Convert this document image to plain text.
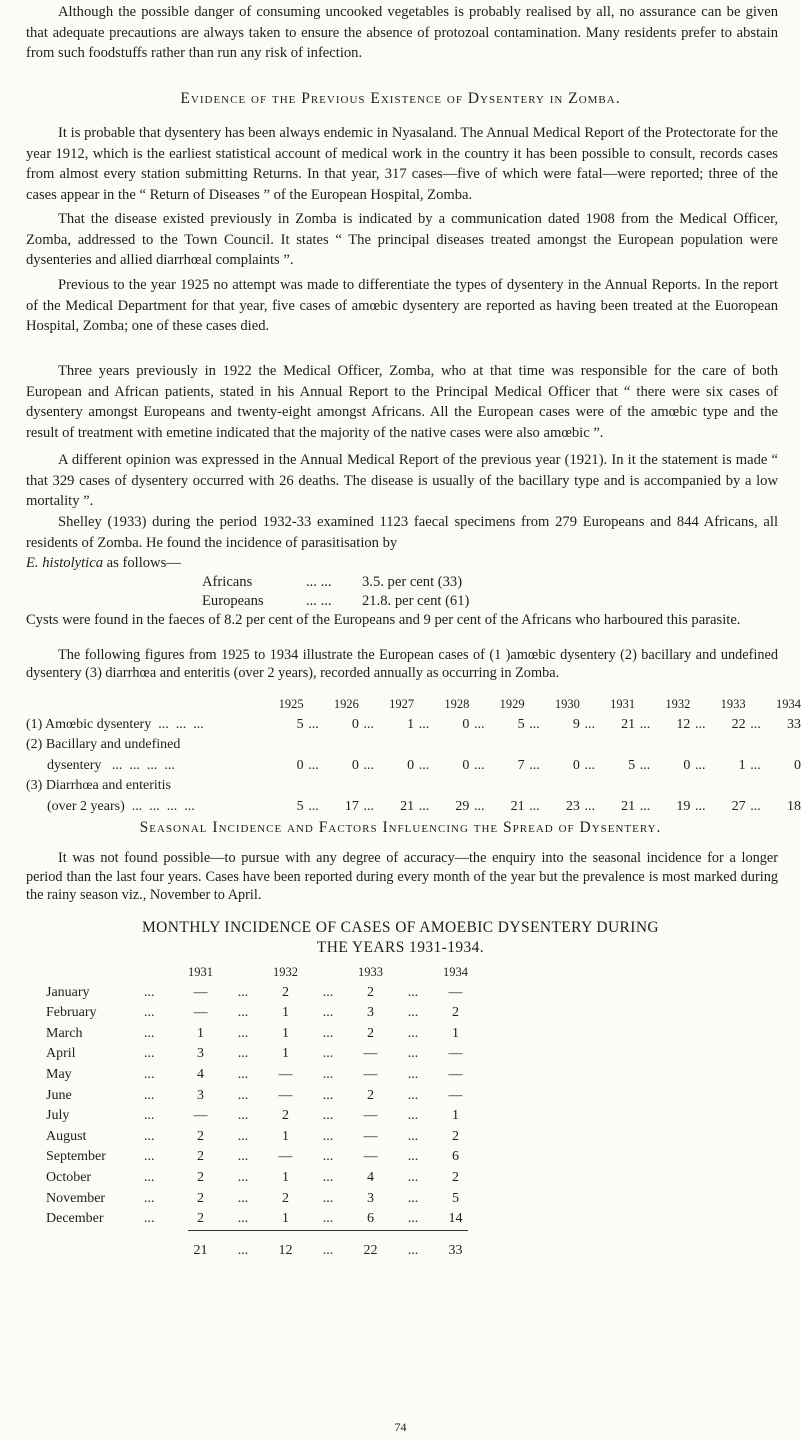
Although the possible danger of consuming uncooked vegetables is probably realised by all, no assurance can be given that adequate precautions are always taken to ensure the absence of protozoal contamination. Many residents prefer to abstain from such foodstuffs rather than run any risk of infection.

Evidence of the Previous Existence of Dysentery in Zomba.

It is probable that dysentery has been always endemic in Nyasaland. The Annual Medical Report of the Protectorate for the year 1912, which is the earliest statistical account of medical work in the country it has been possible to consult, records cases from almost every station submitting Returns. In that year, 317 cases—five of which were fatal—were reported; three of the cases appear in the “ Return of Diseases ” of the European Hospital, Zomba.

That the disease existed previously in Zomba is indicated by a communication dated 1908 from the Medical Officer, Zomba, addressed to the Town Council. It states “ The principal diseases treated amongst the European population were dysenteries and allied diarrhœal complaints ”.

Previous to the year 1925 no attempt was made to differentiate the types of dysentery in the Annual Reports. In the report of the Medical Department for that year, five cases of amœbic dysentery are reported as having been treated at the Euoropean Hospital, Zomba; one of these cases died.

Three years previously in 1922 the Medical Officer, Zomba, who at that time was responsible for the care of both European and African patients, stated in his Annual Report to the Principal Medical Officer that “ there were six cases of dysentery amongst Europeans and twenty-eight amongst Africans. All the European cases were of the amœbic type and the result of treatment with emetine indicated that the majority of the native cases were also amœbic ”.

A different opinion was expressed in the Annual Medical Report of the previous year (1921). In it the statement is made “ that 329 cases of dysentery occurred with 26 deaths. The disease is usually of the bacillary type and is accompanied by a low mortality ”.

Shelley (1933) during the period 1932-33 examined 1123 faecal specimens from 279 Europeans and 844 Africans, all residents of Zomba. He found the incidence of parasitisation by
E. histolytica as follows—

Africans	... ... 3.5. per cent (33)
Europeans	... ... 21.8. per cent (61)

Cysts were found in the faeces of 8.2 per cent of the Europeans and 9 per cent of the Africans who harboured this parasite.

The following figures from 1925 to 1934 illustrate the European cases of (1 )amœbic dysentery (2) bacillary and undefined dysentery (3) diarrhœa and enteritis (over 2 years), recorded annually as occurring in Zomba.

	1925		1926		1927		1928		1929		1930		1931		1932		1933		1934
(1) Amœbic dysentery  ...  ...  ...	5	...	0	...	1	...	0	...	5	...	9	...	21	...	12	...	22	...	33
(2) Bacillary and undefined																			
dysentery   ...  ...  ...  ...	0	...	0	...	0	...	0	...	7	...	0	...	5	...	0	...	1	...	0
(3) Diarrhœa and enteritis																			
(over 2 years)  ...  ...  ...  ...	5	...	17	...	21	...	29	...	21	...	23	...	21	...	19	...	27	...	18

Seasonal Incidence and Factors Influencing the Spread of Dysentery.

It was not found possible—to pursue with any degree of accuracy—the enquiry into the seasonal incidence for a longer period than the last four years. Cases have been reported during every month of the year but the prevalence is most marked during the rainy season viz., November to April.

MONTHLY INCIDENCE OF CASES OF AMOEBIC DYSENTERY DURING
THE YEARS 1931-1934.
		1931		1932		1933		1934
January	...	—	...	2	...	2	...	—
February	...	—	...	1	...	3	...	2
March	...	1	...	1	...	2	...	1
April	...	3	...	1	...	—	...	—
May	...	4	...	—	...	—	...	—
June	...	3	...	—	...	2	...	—
July	...	—	...	2	...	—	...	1
August	...	2	...	1	...	—	...	2
September	...	2	...	—	...	—	...	6
October	...	2	...	1	...	4	...	2
November	...	2	...	2	...	3	...	5
December	...	2	...	1	...	6	...	14
		21	...	12	...	22	...	33
74
